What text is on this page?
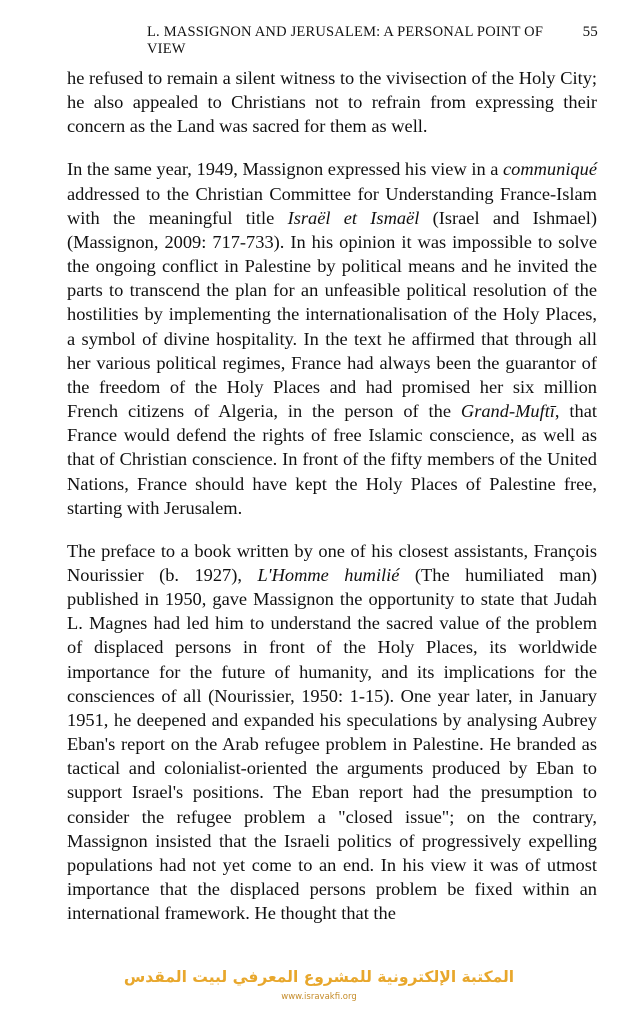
L. MASSIGNON AND JERUSALEM: A PERSONAL POINT OF VIEW
55

he refused to remain a silent witness to the vivisection of the Holy City; he also appealed to Christians not to refrain from expressing their concern as the Land was sacred for them as well.

In the same year, 1949, Massignon expressed his view in a communiqué addressed to the Christian Committee for Understanding France-Islam with the meaningful title Israël et Ismaël (Israel and Ishmael) (Massignon, 2009: 717-733). In his opinion it was impossible to solve the ongoing conflict in Palestine by political means and he invited the parts to transcend the plan for an unfeasible political resolution of the hostilities by implementing the internationalisation of the Holy Places, a symbol of divine hospitality. In the text he affirmed that through all her various political regimes, France had always been the guarantor of the freedom of the Holy Places and had promised her six million French citizens of Algeria, in the person of the Grand-Muftī, that France would defend the rights of free Islamic conscience, as well as that of Christian conscience. In front of the fifty members of the United Nations, France should have kept the Holy Places of Palestine free, starting with Jerusalem.

The preface to a book written by one of his closest assistants, François Nourissier (b. 1927), L'Homme humilié (The humiliated man) published in 1950, gave Massignon the opportunity to state that Judah L. Magnes had led him to understand the sacred value of the problem of displaced persons in front of the Holy Places, its worldwide importance for the future of humanity, and its implications for the consciences of all (Nourissier, 1950: 1-15). One year later, in January 1951, he deepened and expanded his speculations by analysing Aubrey Eban's report on the Arab refugee problem in Palestine. He branded as tactical and colonialist-oriented the arguments produced by Eban to support Israel's positions. The Eban report had the presumption to consider the refugee problem a "closed issue"; on the contrary, Massignon insisted that the Israeli politics of progressively expelling populations had not yet come to an end. In his view it was of utmost importance that the displaced persons problem be fixed within an international framework. He thought that the

المكتبة الإلكترونية للمشروع المعرفي لبيت المقدس
www.isravakfi.org
